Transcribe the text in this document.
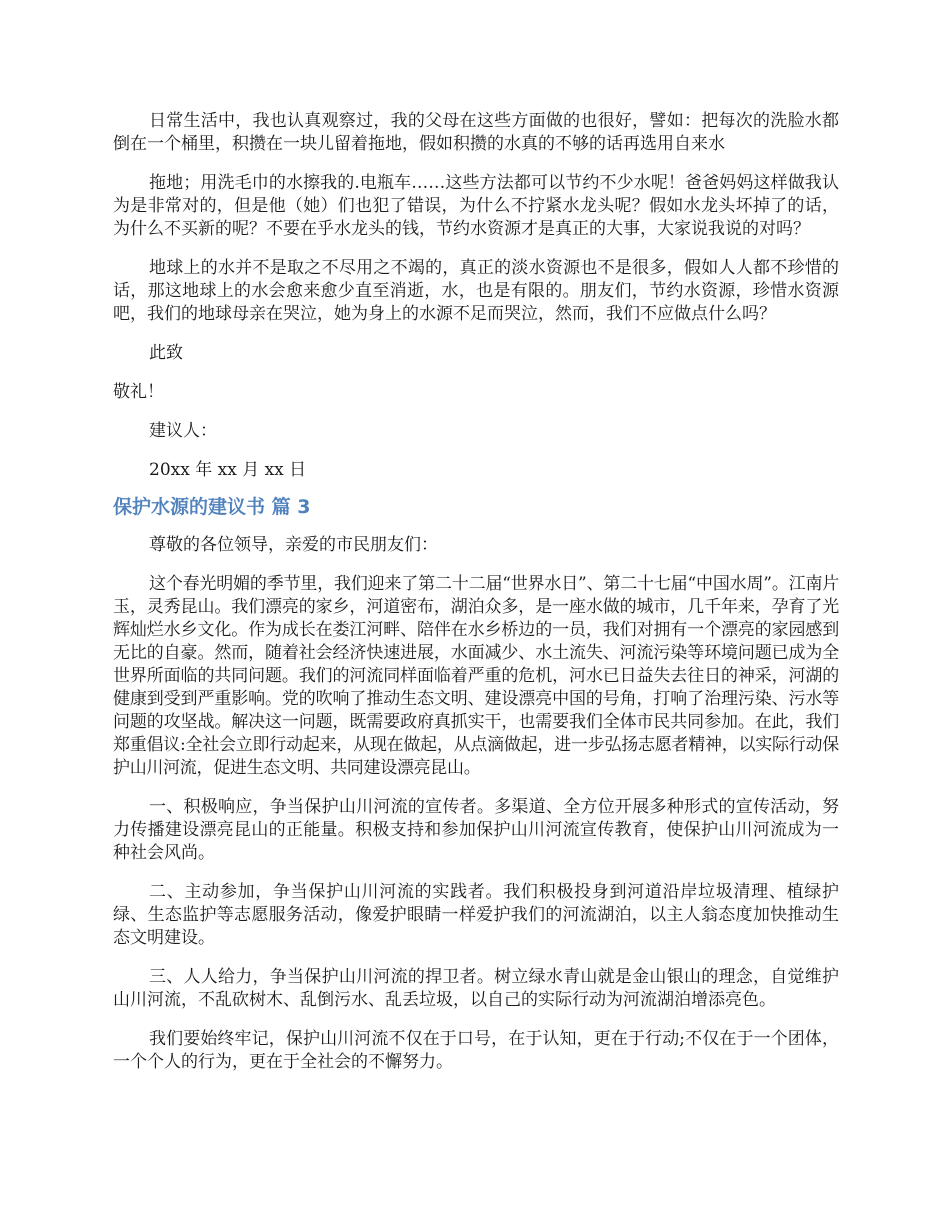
日常生活中，我也认真观察过，我的父母在这些方面做的也很好，譬如：把每次的洗脸水都倒在一个桶里，积攒在一块儿留着拖地，假如积攒的水真的不够的话再选用自来水

拖地；用洗毛巾的水擦我的.电瓶车……这些方法都可以节约不少水呢！爸爸妈妈这样做我认为是非常对的，但是他（她）们也犯了错误，为什么不拧紧水龙头呢？假如水龙头坏掉了的话，为什么不买新的呢？不要在乎水龙头的钱，节约水资源才是真正的大事，大家说我说的对吗？

地球上的水并不是取之不尽用之不竭的，真正的淡水资源也不是很多，假如人人都不珍惜的话，那这地球上的水会愈来愈少直至消逝，水，也是有限的。朋友们，节约水资源，珍惜水资源吧，我们的地球母亲在哭泣，她为身上的水源不足而哭泣，然而，我们不应做点什么吗？

此致

敬礼！

建议人：

20xx 年 xx 月 xx 日

保护水源的建议书 篇 3

尊敬的各位领导，亲爱的市民朋友们：

这个春光明媚的季节里，我们迎来了第二十二届“世界水日”、第二十七届“中国水周”。江南片玉，灵秀昆山。我们漂亮的家乡，河道密布，湖泊众多，是一座水做的城市，几千年来，孕育了光辉灿烂水乡文化。作为成长在娄江河畔、陪伴在水乡桥边的一员，我们对拥有一个漂亮的家园感到无比的自豪。然而，随着社会经济快速进展，水面减少、水土流失、河流污染等环境问题已成为全世界所面临的共同问题。我们的河流同样面临着严重的危机，河水已日益失去往日的神采，河湖的健康到受到严重影响。党的吹响了推动生态文明、建设漂亮中国的号角，打响了治理污染、污水等问题的攻坚战。解决这一问题，既需要政府真抓实干，也需要我们全体市民共同参加。在此，我们郑重倡议:全社会立即行动起来，从现在做起，从点滴做起，进一步弘扬志愿者精神，以实际行动保护山川河流，促进生态文明、共同建设漂亮昆山。

一、积极响应，争当保护山川河流的宣传者。多渠道、全方位开展多种形式的宣传活动，努力传播建设漂亮昆山的正能量。积极支持和参加保护山川河流宣传教育，使保护山川河流成为一种社会风尚。

二、主动参加，争当保护山川河流的实践者。我们积极投身到河道沿岸垃圾清理、植绿护绿、生态监护等志愿服务活动，像爱护眼睛一样爱护我们的河流湖泊，以主人翁态度加快推动生态文明建设。

三、人人给力，争当保护山川河流的捍卫者。树立绿水青山就是金山银山的理念，自觉维护山川河流，不乱砍树木、乱倒污水、乱丢垃圾，以自己的实际行动为河流湖泊增添亮色。

我们要始终牢记，保护山川河流不仅在于口号，在于认知，更在于行动;不仅在于一个团体，一个个人的行为，更在于全社会的不懈努力。
